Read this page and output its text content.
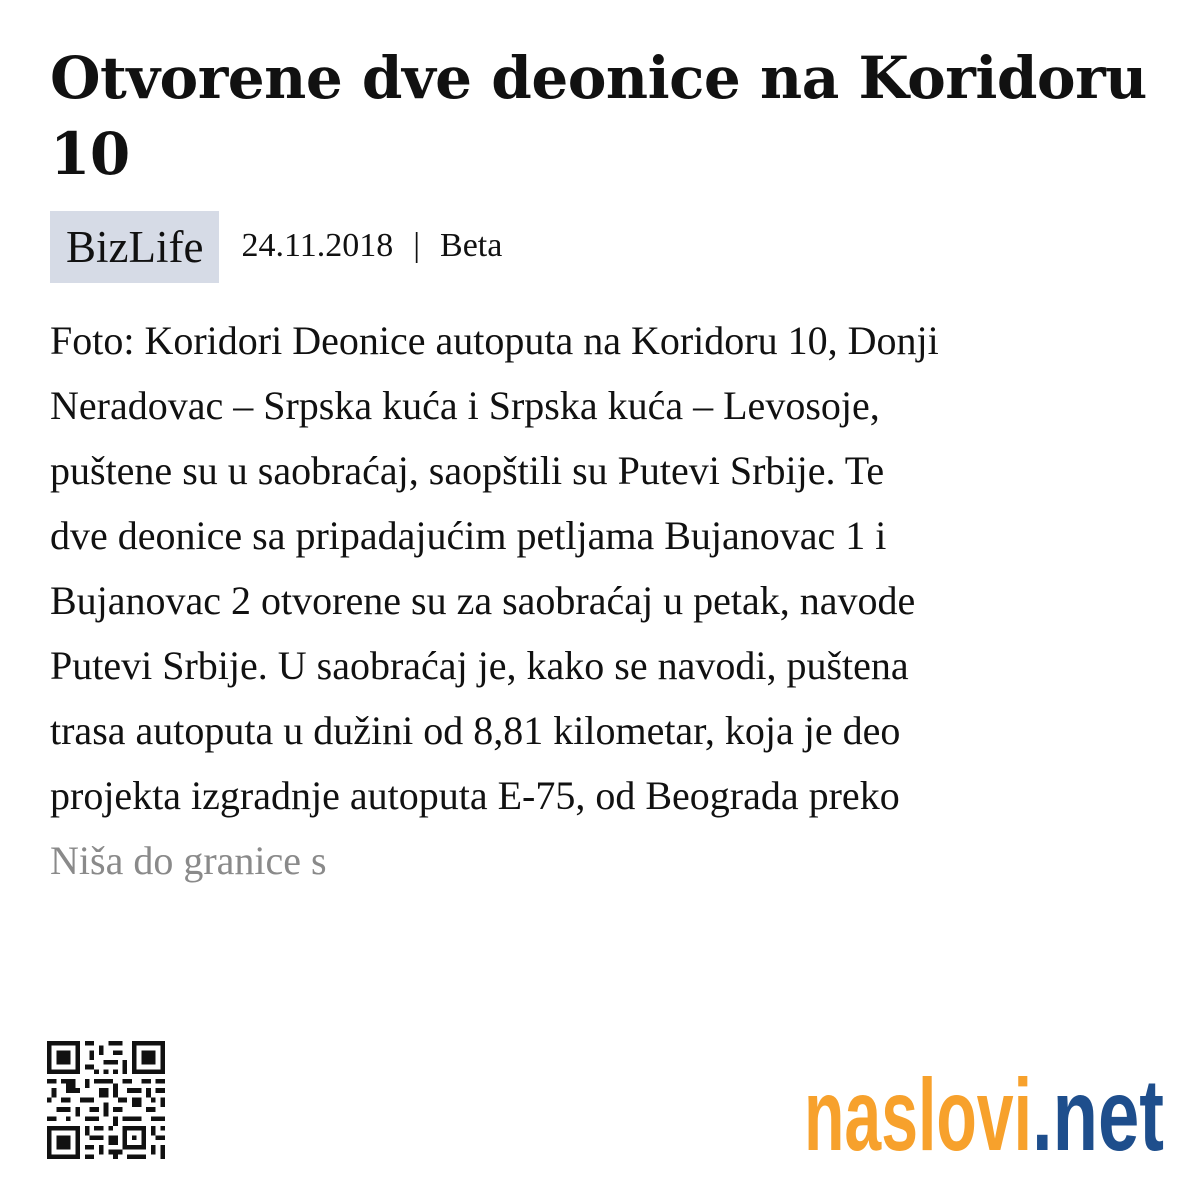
Otvorene dve deonice na Koridoru 10
BizLife	24.11.2018 | Beta

Foto: Koridori Deonice autoputa na Koridoru 10, Donji
Neradovac – Srpska kuća i Srpska kuća – Levosoje,
puštene su u saobraćaj, saopštili su Putevi Srbije. Te
dve deonice sa pripadajućim petljama Bujanovac 1 i
Bujanovac 2 otvorene su za saobraćaj u petak, navode
Putevi Srbije. U saobraćaj je, kako se navodi, puštena
trasa autoputa u dužini od 8,81 kilometar, koja je deo
projekta izgradnje autoputa E-75, od Beograda preko
Niša do granice s

naslovi .net
